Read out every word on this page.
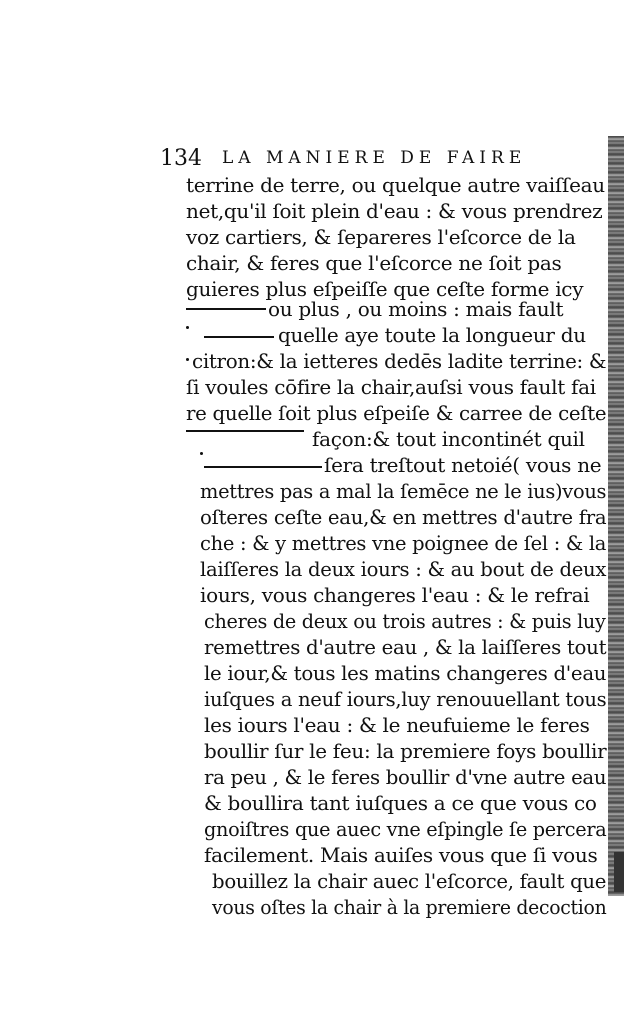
134 LA MANIERE DE FAIRE
terrine de terre, ou quelque autre vaiſſeau
net,qu'il ſoit plein d'eau : & vous prendrez
voz cartiers, & ſepareres l'eſcorce de la
chair, & feres que l'eſcorce ne ſoit pas
guieres plus eſpeiſſe que ceſte forme icy
ou plus , ou moins : mais fault
quelle aye toute la longueur du
citron:& la ietteres dedēs ladite terrine: &
ſi voules cōfire la chair,auſsi vous fault fai
re quelle ſoit plus eſpeiſe & carree de ceſte
façon:& tout incontinét quil
ſera treſtout netoié( vous ne
mettres pas a mal la ſemēce ne le ius)vous
oſteres ceſte eau,& en mettres d'autre fra
che : & y mettres vne poignee de ſel : & la
laiſſeres la deux iours : & au bout de deux
iours, vous changeres l'eau : & le refrai
cheres de deux ou trois autres : & puis luy
remettres d'autre eau , & la laiſſeres tout
le iour,& tous les matins changeres d'eau
iuſques a neuf iours,luy renouuellant tous
les iours l'eau : & le neufuieme le feres
boullir ſur le feu: la premiere foys boullir
ra peu , & le feres boullir d'vne autre eau
& boullira tant iuſques a ce que vous co
gnoiſtres que auec vne eſpingle ſe percera
facilement. Mais auiſes vous que ſi vous
bouillez la chair auec l'eſcorce, fault que
vous oſtes la chair à la premiere decoction
